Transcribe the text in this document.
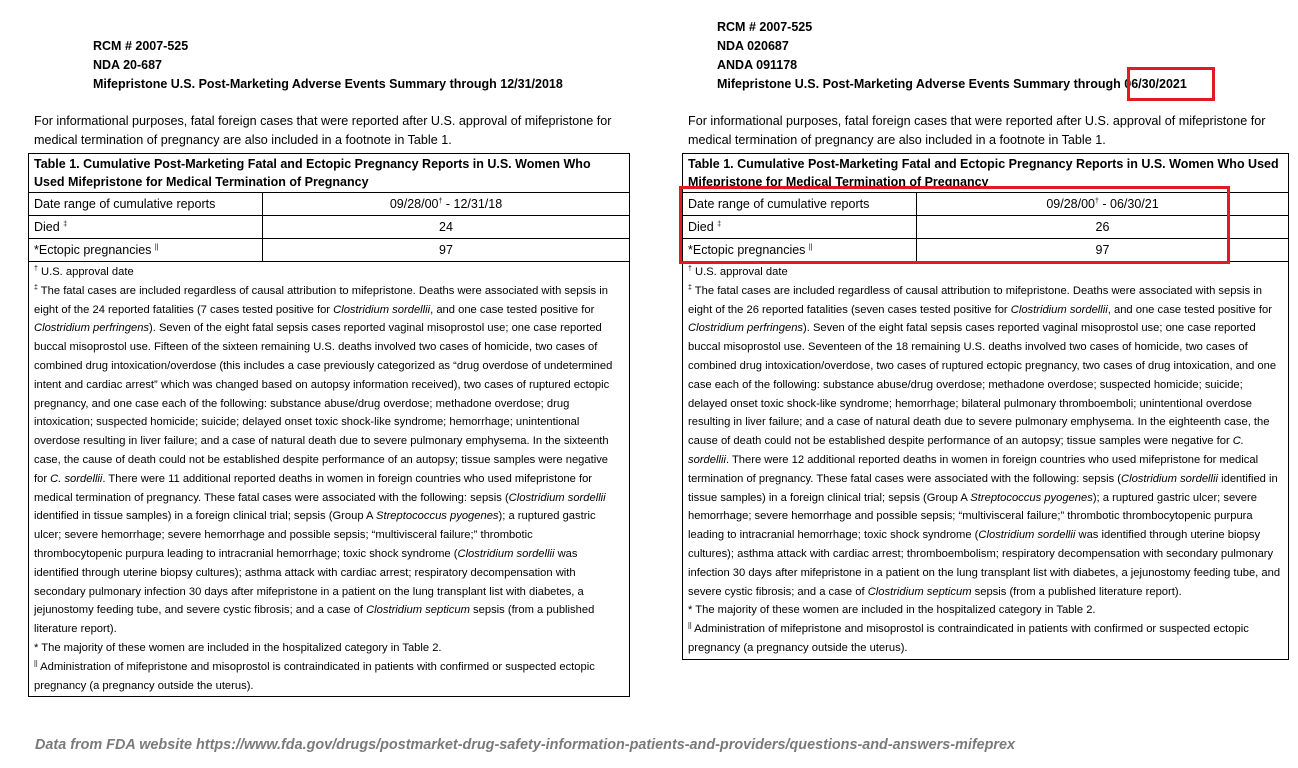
RCM # 2007-525
NDA 20-687
Mifepristone U.S. Post-Marketing Adverse Events Summary through 12/31/2018
For informational purposes, fatal foreign cases that were reported after U.S. approval of mifepristone for medical termination of pregnancy are also included in a footnote in Table 1.
Table 1. Cumulative Post-Marketing Fatal and Ectopic Pregnancy Reports in U.S. Women Who Used Mifepristone for Medical Termination of Pregnancy	
Date range of cumulative reports	09/28/00† - 12/31/18
Died ‡	24
*Ectopic pregnancies ||	97

† U.S. approval date

‡ The fatal cases are included regardless of causal attribution to mifepristone. Deaths were associated with sepsis in eight of the 24 reported fatalities (7 cases tested positive for Clostridium sordellii, and one case tested positive for Clostridium perfringens). Seven of the eight fatal sepsis cases reported vaginal misoprostol use; one case reported buccal misoprostol use. Fifteen of the sixteen remaining U.S. deaths involved two cases of homicide, two cases of combined drug intoxication/overdose (this includes a case previously categorized as “drug overdose of undetermined intent and cardiac arrest” which was changed based on autopsy information received), two cases of ruptured ectopic pregnancy, and one case each of the following: substance abuse/drug overdose; methadone overdose; drug intoxication; suspected homicide; suicide; delayed onset toxic shock-like syndrome; hemorrhage; unintentional overdose resulting in liver failure; and a case of natural death due to severe pulmonary emphysema. In the sixteenth case, the cause of death could not be established despite performance of an autopsy; tissue samples were negative for C. sordellii. There were 11 additional reported deaths in women in foreign countries who used mifepristone for medical termination of pregnancy. These fatal cases were associated with the following: sepsis (Clostridium sordellii identified in tissue samples) in a foreign clinical trial; sepsis (Group A Streptococcus pyogenes); a ruptured gastric ulcer; severe hemorrhage; severe hemorrhage and possible sepsis; “multivisceral failure;” thrombotic thrombocytopenic purpura leading to intracranial hemorrhage; toxic shock syndrome (Clostridium sordellii was identified through uterine biopsy cultures); asthma attack with cardiac arrest; respiratory decompensation with secondary pulmonary infection 30 days after mifepristone in a patient on the lung transplant list with diabetes, a jejunostomy feeding tube, and severe cystic fibrosis; and a case of Clostridium septicum sepsis (from a published literature report).

* The majority of these women are included in the hospitalized category in Table 2.

|| Administration of mifepristone and misoprostol is contraindicated in patients with confirmed or suspected ectopic pregnancy (a pregnancy outside the uterus).	

RCM # 2007-525
NDA 020687
ANDA 091178
Mifepristone U.S. Post-Marketing Adverse Events Summary through 06/30/2021
For informational purposes, fatal foreign cases that were reported after U.S. approval of mifepristone for medical termination of pregnancy are also included in a footnote in Table 1.
Table 1. Cumulative Post-Marketing Fatal and Ectopic Pregnancy Reports in U.S. Women Who Used Mifepristone for Medical Termination of Pregnancy	
Date range of cumulative reports	09/28/00† - 06/30/21
Died ‡	26
*Ectopic pregnancies ||	97

† U.S. approval date

‡ The fatal cases are included regardless of causal attribution to mifepristone. Deaths were associated with sepsis in eight of the 26 reported fatalities (seven cases tested positive for Clostridium sordellii, and one case tested positive for Clostridium perfringens). Seven of the eight fatal sepsis cases reported vaginal misoprostol use; one case reported buccal misoprostol use. Seventeen of the 18 remaining U.S. deaths involved two cases of homicide, two cases of combined drug intoxication/overdose, two cases of ruptured ectopic pregnancy, two cases of drug intoxication, and one case each of the following: substance abuse/drug overdose; methadone overdose; suspected homicide; suicide; delayed onset toxic shock-like syndrome; hemorrhage; bilateral pulmonary thromboemboli; unintentional overdose resulting in liver failure; and a case of natural death due to severe pulmonary emphysema. In the eighteenth case, the cause of death could not be established despite performance of an autopsy; tissue samples were negative for C. sordellii. There were 12 additional reported deaths in women in foreign countries who used mifepristone for medical termination of pregnancy. These fatal cases were associated with the following: sepsis (Clostridium sordellii identified in tissue samples) in a foreign clinical trial; sepsis (Group A Streptococcus pyogenes); a ruptured gastric ulcer; severe hemorrhage; severe hemorrhage and possible sepsis; “multivisceral failure;” thrombotic thrombocytopenic purpura leading to intracranial hemorrhage; toxic shock syndrome (Clostridium sordellii was identified through uterine biopsy cultures); asthma attack with cardiac arrest; thromboembolism; respiratory decompensation with secondary pulmonary infection 30 days after mifepristone in a patient on the lung transplant list with diabetes, a jejunostomy feeding tube, and severe cystic fibrosis; and a case of Clostridium septicum sepsis (from a published literature report).

* The majority of these women are included in the hospitalized category in Table 2.

|| Administration of mifepristone and misoprostol is contraindicated in patients with confirmed or suspected ectopic pregnancy (a pregnancy outside the uterus).	

Data from FDA website https://www.fda.gov/drugs/postmarket-drug-safety-information-patients-and-providers/questions-and-answers-mifeprex
